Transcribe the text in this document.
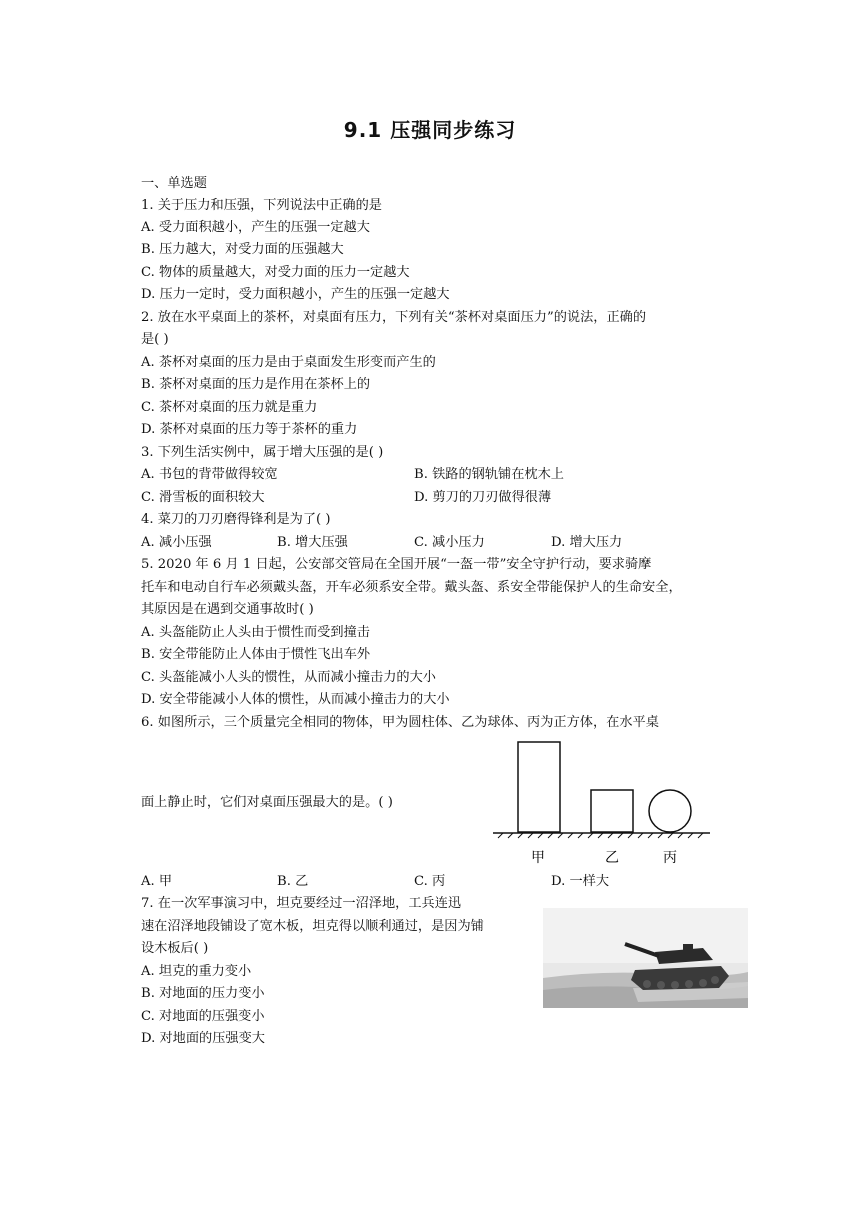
9.1 压强同步练习
一、单选题
1. 关于压力和压强，下列说法中正确的是
A. 受力面积越小，产生的压强一定越大
B. 压力越大，对受力面的压强越大
C. 物体的质量越大，对受力面的压力一定越大
D. 压力一定时，受力面积越小，产生的压强一定越大
2. 放在水平桌面上的茶杯，对桌面有压力，下列有关“茶杯对桌面压力”的说法，正确的
是( )
A. 茶杯对桌面的压力是由于桌面发生形变而产生的
B. 茶杯对桌面的压力是作用在茶杯上的
C. 茶杯对桌面的压力就是重力
D. 茶杯对桌面的压力等于茶杯的重力
3. 下列生活实例中，属于增大压强的是( )
A. 书包的背带做得较宽	B. 铁路的钢轨铺在枕木上
C. 滑雪板的面积较大	D. 剪刀的刀刃做得很薄
4. 菜刀的刀刃磨得锋利是为了( )
A. 减小压强	B. 增大压强	C. 减小压力	D. 增大压力
5. 2020 年 6 月 1 日起，公安部交管局在全国开展“一盔一带”安全守护行动，要求骑摩
托车和电动自行车必须戴头盔，开车必须系安全带。戴头盔、系安全带能保护人的生命安全，
其原因是在遇到交通事故时( )
A. 头盔能防止人头由于惯性而受到撞击
B. 安全带能防止人体由于惯性飞出车外
C. 头盔能减小人头的惯性，从而减小撞击力的大小
D. 安全带能减小人体的惯性，从而减小撞击力的大小
6. 如图所示，三个质量完全相同的物体，甲为圆柱体、乙为球体、丙为正方体，在水平桌
面上静止时，它们对桌面压强最大的是。( )
甲	乙	丙
A. 甲	B. 乙	C. 丙	D. 一样大
7. 在一次军事演习中，坦克要经过一沼泽地，工兵连迅
速在沼泽地段铺设了宽木板，坦克得以顺利通过，是因为铺
设木板后( )
A. 坦克的重力变小
B. 对地面的压力变小
C. 对地面的压强变小
D. 对地面的压强变大
